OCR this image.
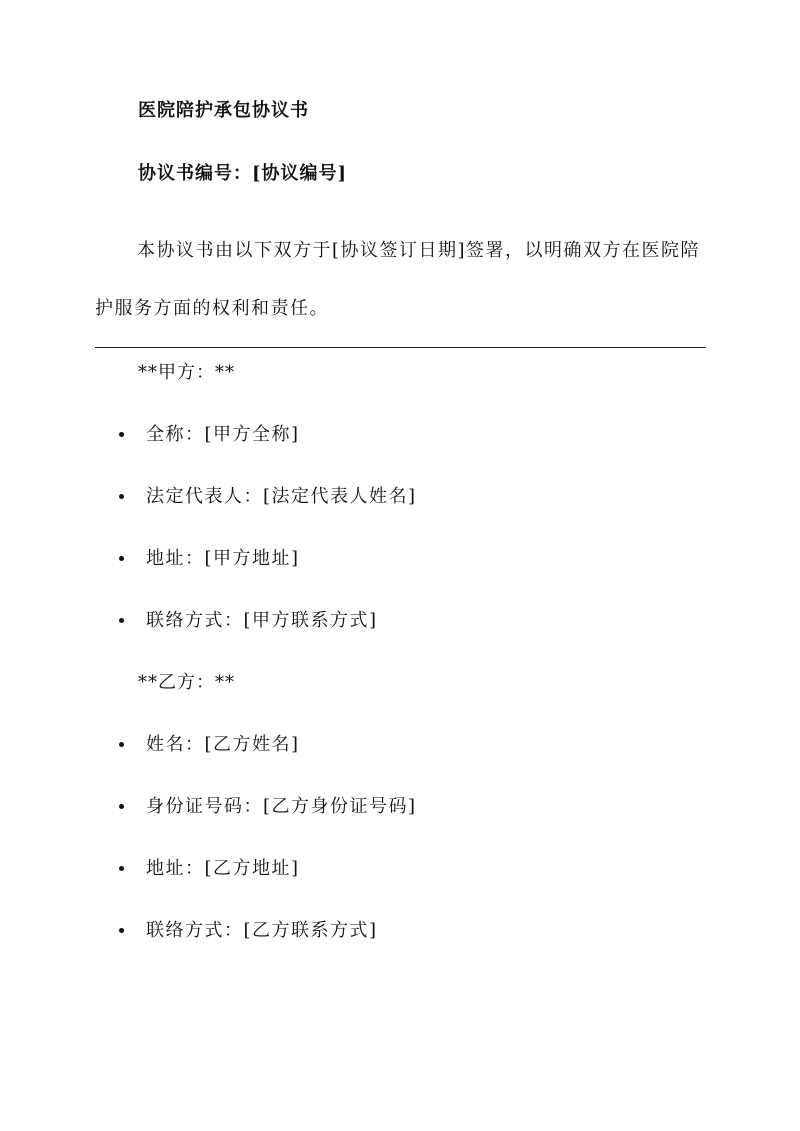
医院陪护承包协议书
协议书编号：[协议编号]

本协议书由以下双方于[协议签订日期]签署，以明确双方在医院陪护服务方面的权利和责任。

**甲方：**
全称：[甲方全称]
法定代表人：[法定代表人姓名]
地址：[甲方地址]
联络方式：[甲方联系方式]
**乙方：**
姓名：[乙方姓名]
身份证号码：[乙方身份证号码]
地址：[乙方地址]
联络方式：[乙方联系方式]
